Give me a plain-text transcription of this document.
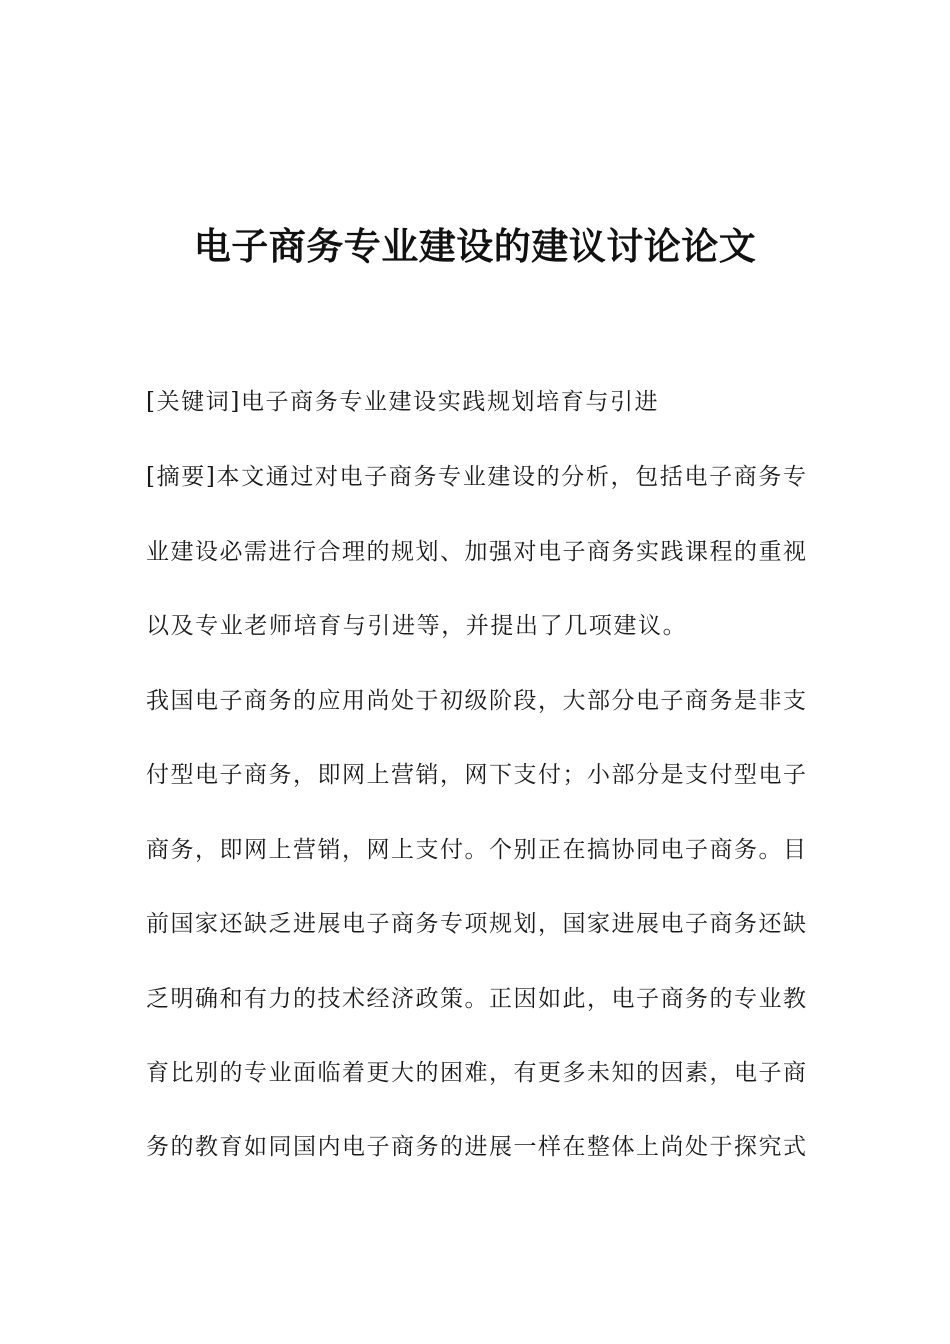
电子商务专业建设的建议讨论论文
[关键词]电子商务专业建设实践规划培育与引进
[摘要]本文通过对电子商务专业建设的分析，包括电子商务专
业建设必需进行合理的规划、加强对电子商务实践课程的重视
以及专业老师培育与引进等，并提出了几项建议。
我国电子商务的应用尚处于初级阶段，大部分电子商务是非支
付型电子商务，即网上营销，网下支付；小部分是支付型电子
商务，即网上营销，网上支付。个别正在搞协同电子商务。目
前国家还缺乏进展电子商务专项规划，国家进展电子商务还缺
乏明确和有力的技术经济政策。正因如此，电子商务的专业教
育比别的专业面临着更大的困难，有更多未知的因素，电子商
务的教育如同国内电子商务的进展一样在整体上尚处于探究式
